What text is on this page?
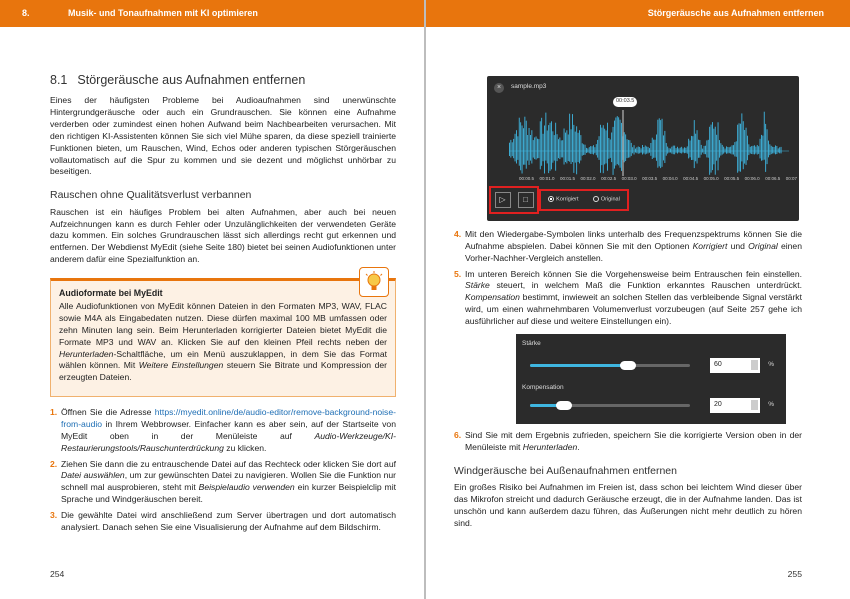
8.	Musik- und Tonaufnahmen mit KI optimieren
8.1 Störgeräusche aus Aufnahmen entfernen

Eines der häufigsten Probleme bei Audioaufnahmen sind unerwünschte Hintergrundgeräusche oder auch ein Grundrauschen. Sie können eine Aufnahme verderben oder zumindest einen hohen Aufwand beim Nachbearbeiten verursachen. Mit den richtigen KI-Assistenten können Sie sich viel Mühe sparen, da diese speziell trainierte Funktionen bieten, um Rauschen, Wind, Echos oder anderen typischen Störgeräuschen vollautomatisch auf die Spur zu kommen und sie dezent und möglichst unhörbar zu beseitigen.

Rauschen ohne Qualitätsverlust verbannen

Rauschen ist ein häufiges Problem bei alten Aufnahmen, aber auch bei neuen Aufzeichnungen kann es durch Fehler oder Unzulänglichkeiten der verwendeten Geräte dazu kommen. Ein solches Grundrauschen lässt sich allerdings recht gut erkennen und entfernen. Der Webdienst MyEdit (siehe Seite 180) bietet bei seinen Audiofunktionen unter anderem dafür eine Spezialfunktion an.

Audioformate bei MyEdit

Alle Audiofunktionen von MyEdit können Dateien in den Formaten MP3, WAV, FLAC sowie M4A als Eingabedaten nutzen. Diese dürfen maximal 100 MB umfassen oder zehn Minuten lang sein. Beim Herunterladen korrigierter Dateien bietet MyEdit die Formate MP3 und WAV an. Klicken Sie auf den kleinen Pfeil rechts neben der Herunterladen-Schaltfläche, um ein Menü auszuklappen, in dem Sie das Format wählen können. Mit Weitere Einstellungen steuern Sie Bitrate und Kompression der erzeugten Dateien.

1. Öffnen Sie die Adresse https://myedit.online/de/audio-editor/remove-background-noise-from-audio in Ihrem Webbrowser. Einfacher kann es aber sein, auf der Startseite von MyEdit oben in der Menüleiste auf Audio-Werkzeuge/KI-Restaurierungstools/Rauschunterdrückung zu klicken.
2. Ziehen Sie dann die zu entrauschende Datei auf das Rechteck oder klicken Sie dort auf Datei auswählen, um zur gewünschten Datei zu navigieren. Wollen Sie die Funktion nur schnell mal ausprobieren, steht mit Beispielaudio verwenden ein kurzer Beispielclip mit Sprache und Windgeräuschen bereit.
3. Die gewählte Datei wird anschließend zum Server übertragen und dort automatisch analysiert. Danach sehen Sie eine Visualisierung der Aufnahme auf dem Bildschirm.
254
Störgeräusche aus Aufnahmen entfernen
×	sample.mp3
00:03.5
00:00.5 00:01.0 00:01.5 00:02.0 00:02.5 00:03.0 00:03.5 00:04.0 00:04.5 00:05.0 00:05.5 00:06.0 00:06.5 00:07
▷	□	Korrigiert	Original
4. Mit den Wiedergabe-Symbolen links unterhalb des Frequenzspektrums können Sie die Aufnahme abspielen. Dabei können Sie mit den Optionen Korrigiert und Original einen Vorher-Nachher-Vergleich anstellen.
5. Im unteren Bereich können Sie die Vorgehensweise beim Entrauschen fein einstellen. Stärke steuert, in welchem Maß die Funktion erkanntes Rauschen unterdrückt. Kompensation bestimmt, inwieweit an solchen Stellen das verbleibende Signal verstärkt wird, um einen wahrnehmbaren Volumenverlust vorzubeugen (auf Seite 257 gehe ich ausführlicher auf diese und weitere Einstellungen ein).
Stärke
60	%
Kompensation
20	%
6. Sind Sie mit dem Ergebnis zufrieden, speichern Sie die korrigierte Version oben in der Menüleiste mit Herunterladen.
Windgeräusche bei Außenaufnahmen entfernen

Ein großes Risiko bei Aufnahmen im Freien ist, dass schon bei leichtem Wind dieser über das Mikrofon streicht und dadurch Geräusche erzeugt, die in der Aufnahme landen. Das ist unschön und kann außerdem dazu führen, das Äußerungen nicht mehr deutlich zu hören sind.

255
